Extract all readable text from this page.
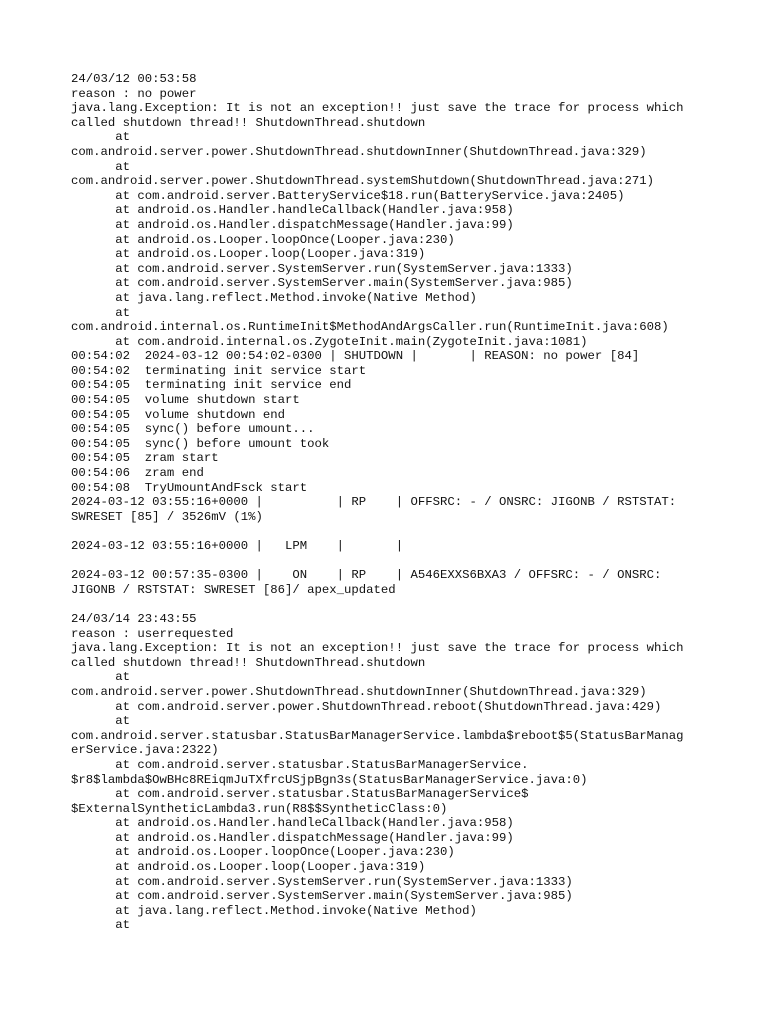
24/03/12 00:53:58
reason : no power
java.lang.Exception: It is not an exception!! just save the trace for process which
called shutdown thread!! ShutdownThread.shutdown
at
com.android.server.power.ShutdownThread.shutdownInner(ShutdownThread.java:329)
at
com.android.server.power.ShutdownThread.systemShutdown(ShutdownThread.java:271)
at com.android.server.BatteryService$18.run(BatteryService.java:2405)
at android.os.Handler.handleCallback(Handler.java:958)
at android.os.Handler.dispatchMessage(Handler.java:99)
at android.os.Looper.loopOnce(Looper.java:230)
at android.os.Looper.loop(Looper.java:319)
at com.android.server.SystemServer.run(SystemServer.java:1333)
at com.android.server.SystemServer.main(SystemServer.java:985)
at java.lang.reflect.Method.invoke(Native Method)
at
com.android.internal.os.RuntimeInit$MethodAndArgsCaller.run(RuntimeInit.java:608)
at com.android.internal.os.ZygoteInit.main(ZygoteInit.java:1081)
00:54:02  2024-03-12 00:54:02-0300 | SHUTDOWN |       | REASON: no power [84]
00:54:02  terminating init service start
00:54:05  terminating init service end
00:54:05  volume shutdown start
00:54:05  volume shutdown end
00:54:05  sync() before umount...
00:54:05  sync() before umount took
00:54:05  zram start
00:54:06  zram end
00:54:08  TryUmountAndFsck start
2024-03-12 03:55:16+0000 |          | RP    | OFFSRC: - / ONSRC: JIGONB / RSTSTAT:
SWRESET [85] / 3526mV (1%)
2024-03-12 03:55:16+0000 |   LPM    |       |
2024-03-12 00:57:35-0300 |    ON    | RP    | A546EXXS6BXA3 / OFFSRC: - / ONSRC:
JIGONB / RSTSTAT: SWRESET [86]/ apex_updated
24/03/14 23:43:55
reason : userrequested
java.lang.Exception: It is not an exception!! just save the trace for process which
called shutdown thread!! ShutdownThread.shutdown
at
com.android.server.power.ShutdownThread.shutdownInner(ShutdownThread.java:329)
at com.android.server.power.ShutdownThread.reboot(ShutdownThread.java:429)
at
com.android.server.statusbar.StatusBarManagerService.lambda$reboot$5(StatusBarManag
erService.java:2322)
at com.android.server.statusbar.StatusBarManagerService.
$r8$lambda$OwBHc8REiqmJuTXfrcUSjpBgn3s(StatusBarManagerService.java:0)
at com.android.server.statusbar.StatusBarManagerService$
$ExternalSyntheticLambda3.run(R8$$SyntheticClass:0)
at android.os.Handler.handleCallback(Handler.java:958)
at android.os.Handler.dispatchMessage(Handler.java:99)
at android.os.Looper.loopOnce(Looper.java:230)
at android.os.Looper.loop(Looper.java:319)
at com.android.server.SystemServer.run(SystemServer.java:1333)
at com.android.server.SystemServer.main(SystemServer.java:985)
at java.lang.reflect.Method.invoke(Native Method)
at
